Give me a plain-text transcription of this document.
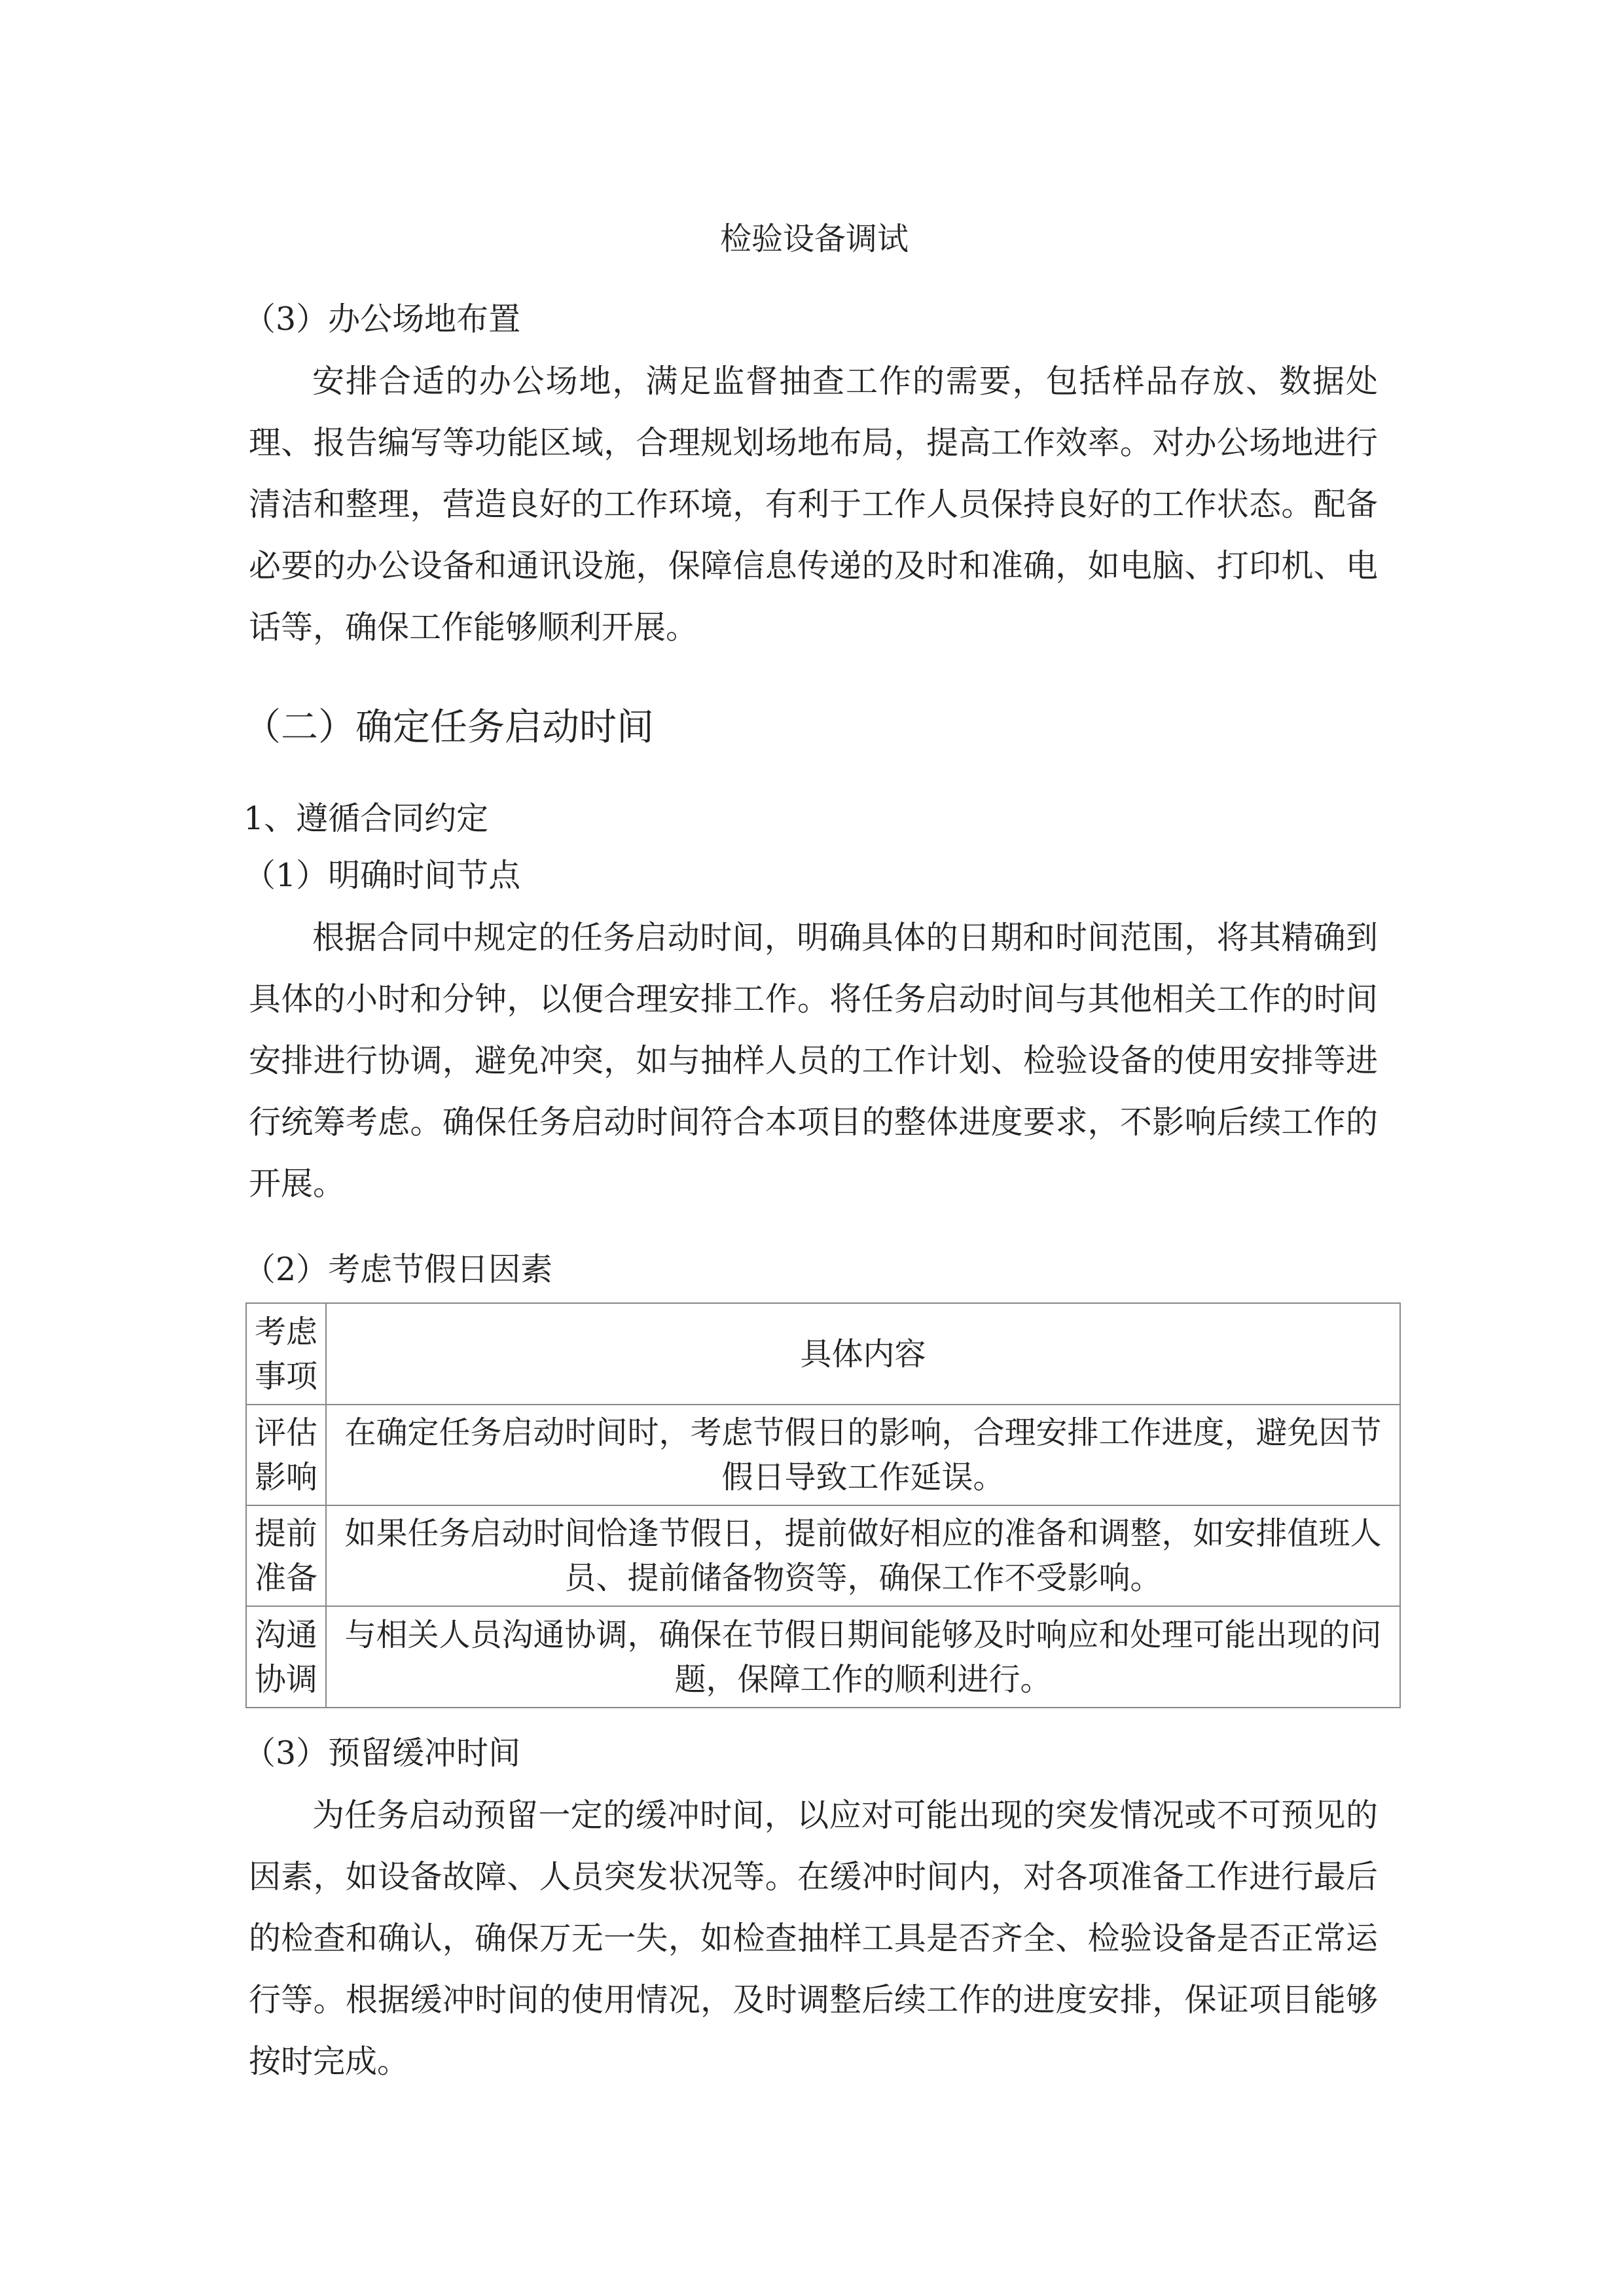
检验设备调试
（3）办公场地布置

安排合适的办公场地，满足监督抽查工作的需要，包括样品存放、数据处理、报告编写等功能区域，合理规划场地布局，提高工作效率。对办公场地进行清洁和整理，营造良好的工作环境，有利于工作人员保持良好的工作状态。配备必要的办公设备和通讯设施，保障信息传递的及时和准确，如电脑、打印机、电话等，确保工作能够顺利开展。

（二）确定任务启动时间
1、遵循合同约定
（1）明确时间节点

根据合同中规定的任务启动时间，明确具体的日期和时间范围，将其精确到具体的小时和分钟，以便合理安排工作。将任务启动时间与其他相关工作的时间安排进行协调，避免冲突，如与抽样人员的工作计划、检验设备的使用安排等进行统筹考虑。确保任务启动时间符合本项目的整体进度要求，不影响后续工作的开展。

（2）考虑节假日因素
考虑事项	具体内容
评估影响	在确定任务启动时间时，考虑节假日的影响，合理安排工作进度，避免因节假日导致工作延误。
提前准备	如果任务启动时间恰逢节假日，提前做好相应的准备和调整，如安排值班人员、提前储备物资等，确保工作不受影响。
沟通协调	与相关人员沟通协调，确保在节假日期间能够及时响应和处理可能出现的问题，保障工作的顺利进行。
（3）预留缓冲时间

为任务启动预留一定的缓冲时间，以应对可能出现的突发情况或不可预见的因素，如设备故障、人员突发状况等。在缓冲时间内，对各项准备工作进行最后的检查和确认，确保万无一失，如检查抽样工具是否齐全、检验设备是否正常运行等。根据缓冲时间的使用情况，及时调整后续工作的进度安排，保证项目能够按时完成。
